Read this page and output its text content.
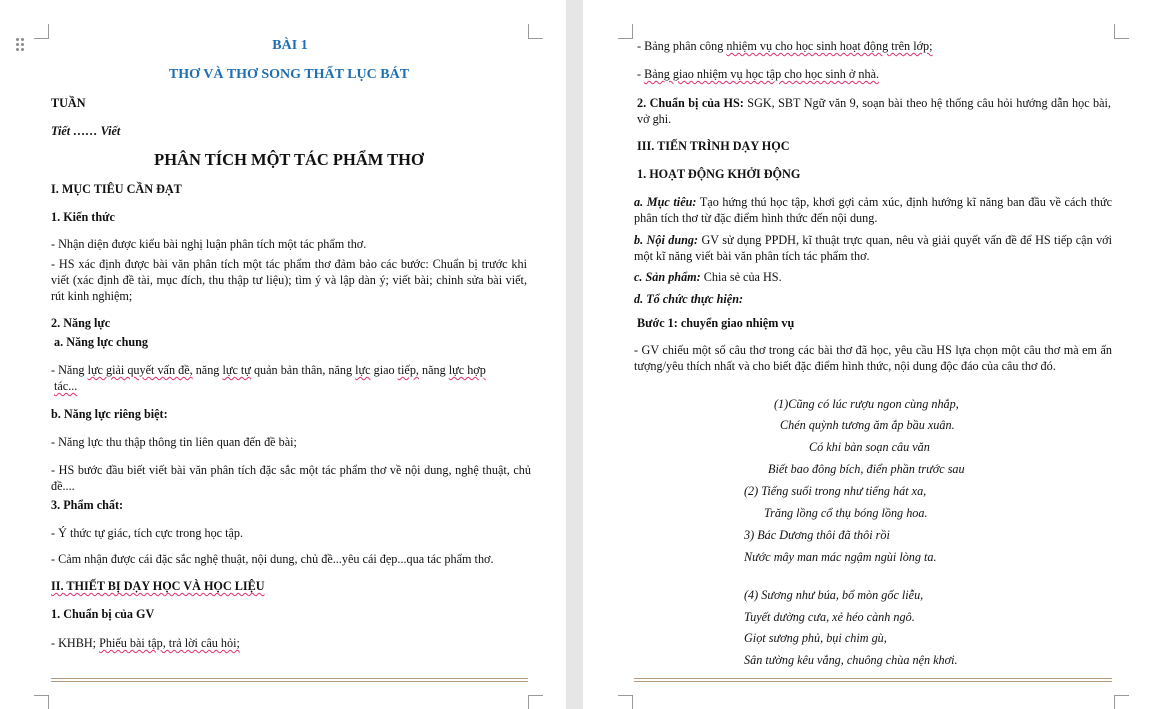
BÀI 1
THƠ VÀ THƠ SONG THẤT LỤC BÁT
TUẦN
Tiết …… Viết
PHÂN TÍCH MỘT TÁC PHẨM THƠ
I. MỤC TIÊU CẦN ĐẠT
1. Kiến thức
- Nhận diện được kiểu bài nghị luận phân tích một tác phẩm thơ.
- HS xác định được bài văn phân tích một tác phẩm thơ đảm bảo các bước: Chuẩn bị trước khi viết (xác định đề tài, mục đích, thu thập tư liệu); tìm ý và lập dàn ý; viết bài; chỉnh sửa bài viết, rút kinh nghiệm;
2. Năng lực
a. Năng lực chung
- Năng lực giải quyết vấn đề, năng lực tự quản bản thân, năng lực giao tiếp, năng lực hợp
tác...
b. Năng lực riêng biệt:
- Năng lực thu thập thông tin liên quan đến đề bài;
- HS bước đầu biết viết bài văn phân tích đặc sắc một tác phẩm thơ về nội dung, nghệ thuật, chủ đề....
3. Phẩm chất:
- Ý thức tự giác, tích cực trong học tập.
- Cảm nhận được cái đặc sắc nghệ thuật, nội dung, chủ đề...yêu cái đẹp...qua tác phẩm thơ.
II. THIẾT BỊ DẠY HỌC VÀ HỌC LIỆU
1. Chuẩn bị của GV
- KHBH; Phiếu bài tập, trả lời câu hỏi;
- Bảng phân công nhiệm vụ cho học sinh hoạt động trên lớp;
- Bảng giao nhiệm vụ học tập cho học sinh ở nhà.
2. Chuẩn bị của HS: SGK, SBT Ngữ văn 9, soạn bài theo hệ thống câu hỏi hướng dẫn học bài, vở ghi.
III. TIẾN TRÌNH DẠY HỌC
1. HOẠT ĐỘNG KHỞI ĐỘNG
a. Mục tiêu: Tạo hứng thú học tập, khơi gợi cảm xúc, định hướng kĩ năng ban đầu về cách thức phân tích thơ từ đặc điểm hình thức đến nội dung.
b. Nội dung: GV sử dụng PPDH, kĩ thuật trực quan, nêu và giải quyết vấn đề để HS tiếp cận với một kĩ năng viết bài văn phân tích tác phẩm thơ.
c. Sản phẩm: Chia sẻ của HS.
d. Tổ chức thực hiện:
Bước 1: chuyển giao nhiệm vụ
- GV chiếu một số câu thơ trong các bài thơ đã học, yêu cầu HS lựa chọn một câu thơ mà em ấn tượng/yêu thích nhất và cho biết đặc điểm hình thức, nội dung độc đáo của câu thơ đó.
(1)Cũng có lúc rượu ngon cùng nhắp,
Chén quỳnh tương ăm ắp bầu xuân.
Có khi bàn soạn câu văn
Biết bao đông bích, điển phần trước sau
(2) Tiếng suối trong như tiếng hát xa,
Trăng lồng cổ thụ bóng lồng hoa.
3) Bác Dương thôi đã thôi rồi
Nước mây man mác ngậm ngùi lòng ta.
(4) Sương như búa, bổ mòn gốc liễu,
Tuyết dường cưa, xẻ héo cành ngô.
Giọt sương phủ, bụi chim gù,
Sân tường kêu vắng, chuông chùa nện khơi.
